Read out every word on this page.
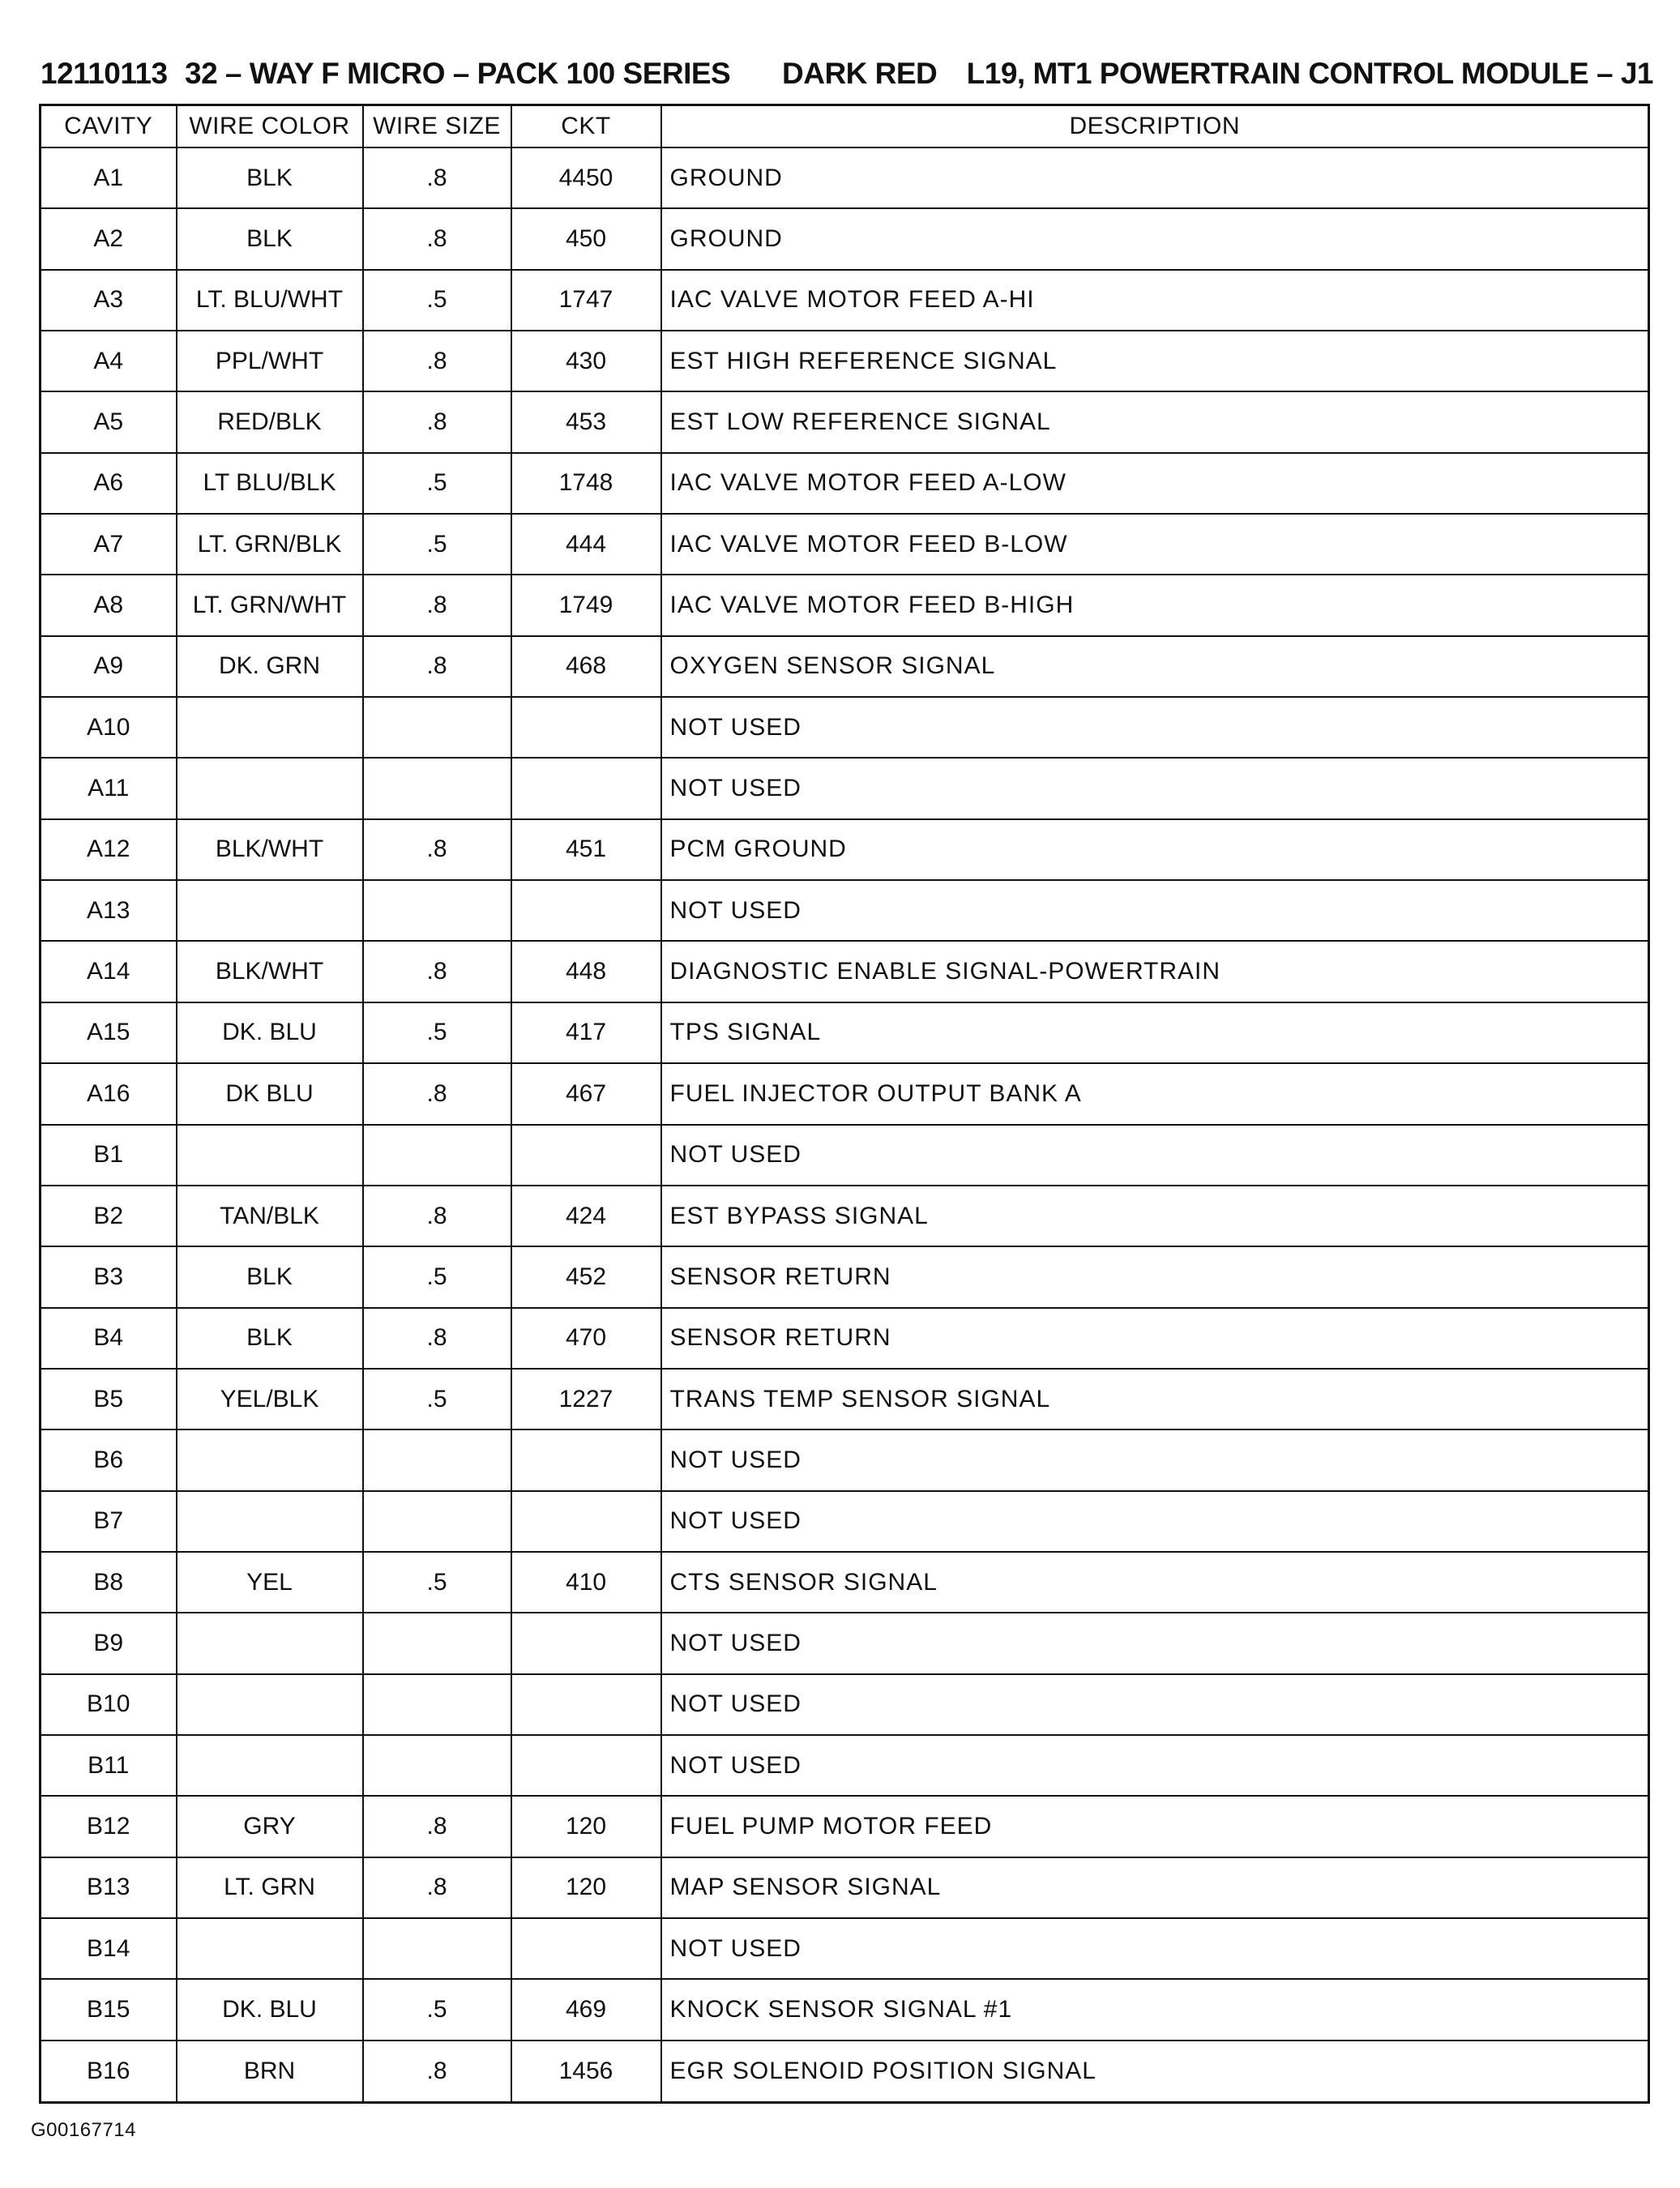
12110113 32 – WAY F MICRO – PACK 100 SERIES DARK RED L19, MT1 POWERTRAIN CONTROL MODULE – J1
CAVITY	WIRE COLOR	WIRE SIZE	CKT	DESCRIPTION
A1	BLK	.8	4450	GROUND
A2	BLK	.8	450	GROUND
A3	LT. BLU/WHT	.5	1747	IAC VALVE MOTOR FEED A-HI
A4	PPL/WHT	.8	430	EST HIGH REFERENCE SIGNAL
A5	RED/BLK	.8	453	EST LOW REFERENCE SIGNAL
A6	LT BLU/BLK	.5	1748	IAC VALVE MOTOR FEED A-LOW
A7	LT. GRN/BLK	.5	444	IAC VALVE MOTOR FEED B-LOW
A8	LT. GRN/WHT	.8	1749	IAC VALVE MOTOR FEED B-HIGH
A9	DK. GRN	.8	468	OXYGEN SENSOR SIGNAL
A10				NOT USED
A11				NOT USED
A12	BLK/WHT	.8	451	PCM GROUND
A13				NOT USED
A14	BLK/WHT	.8	448	DIAGNOSTIC ENABLE SIGNAL-POWERTRAIN
A15	DK. BLU	.5	417	TPS SIGNAL
A16	DK BLU	.8	467	FUEL INJECTOR OUTPUT BANK A
B1				NOT USED
B2	TAN/BLK	.8	424	EST BYPASS SIGNAL
B3	BLK	.5	452	SENSOR RETURN
B4	BLK	.8	470	SENSOR RETURN
B5	YEL/BLK	.5	1227	TRANS TEMP SENSOR SIGNAL
B6				NOT USED
B7				NOT USED
B8	YEL	.5	410	CTS SENSOR SIGNAL
B9				NOT USED
B10				NOT USED
B11				NOT USED
B12	GRY	.8	120	FUEL PUMP MOTOR FEED
B13	LT. GRN	.8	120	MAP SENSOR SIGNAL
B14				NOT USED
B15	DK. BLU	.5	469	KNOCK SENSOR SIGNAL #1
B16	BRN	.8	1456	EGR SOLENOID POSITION SIGNAL
G00167714
